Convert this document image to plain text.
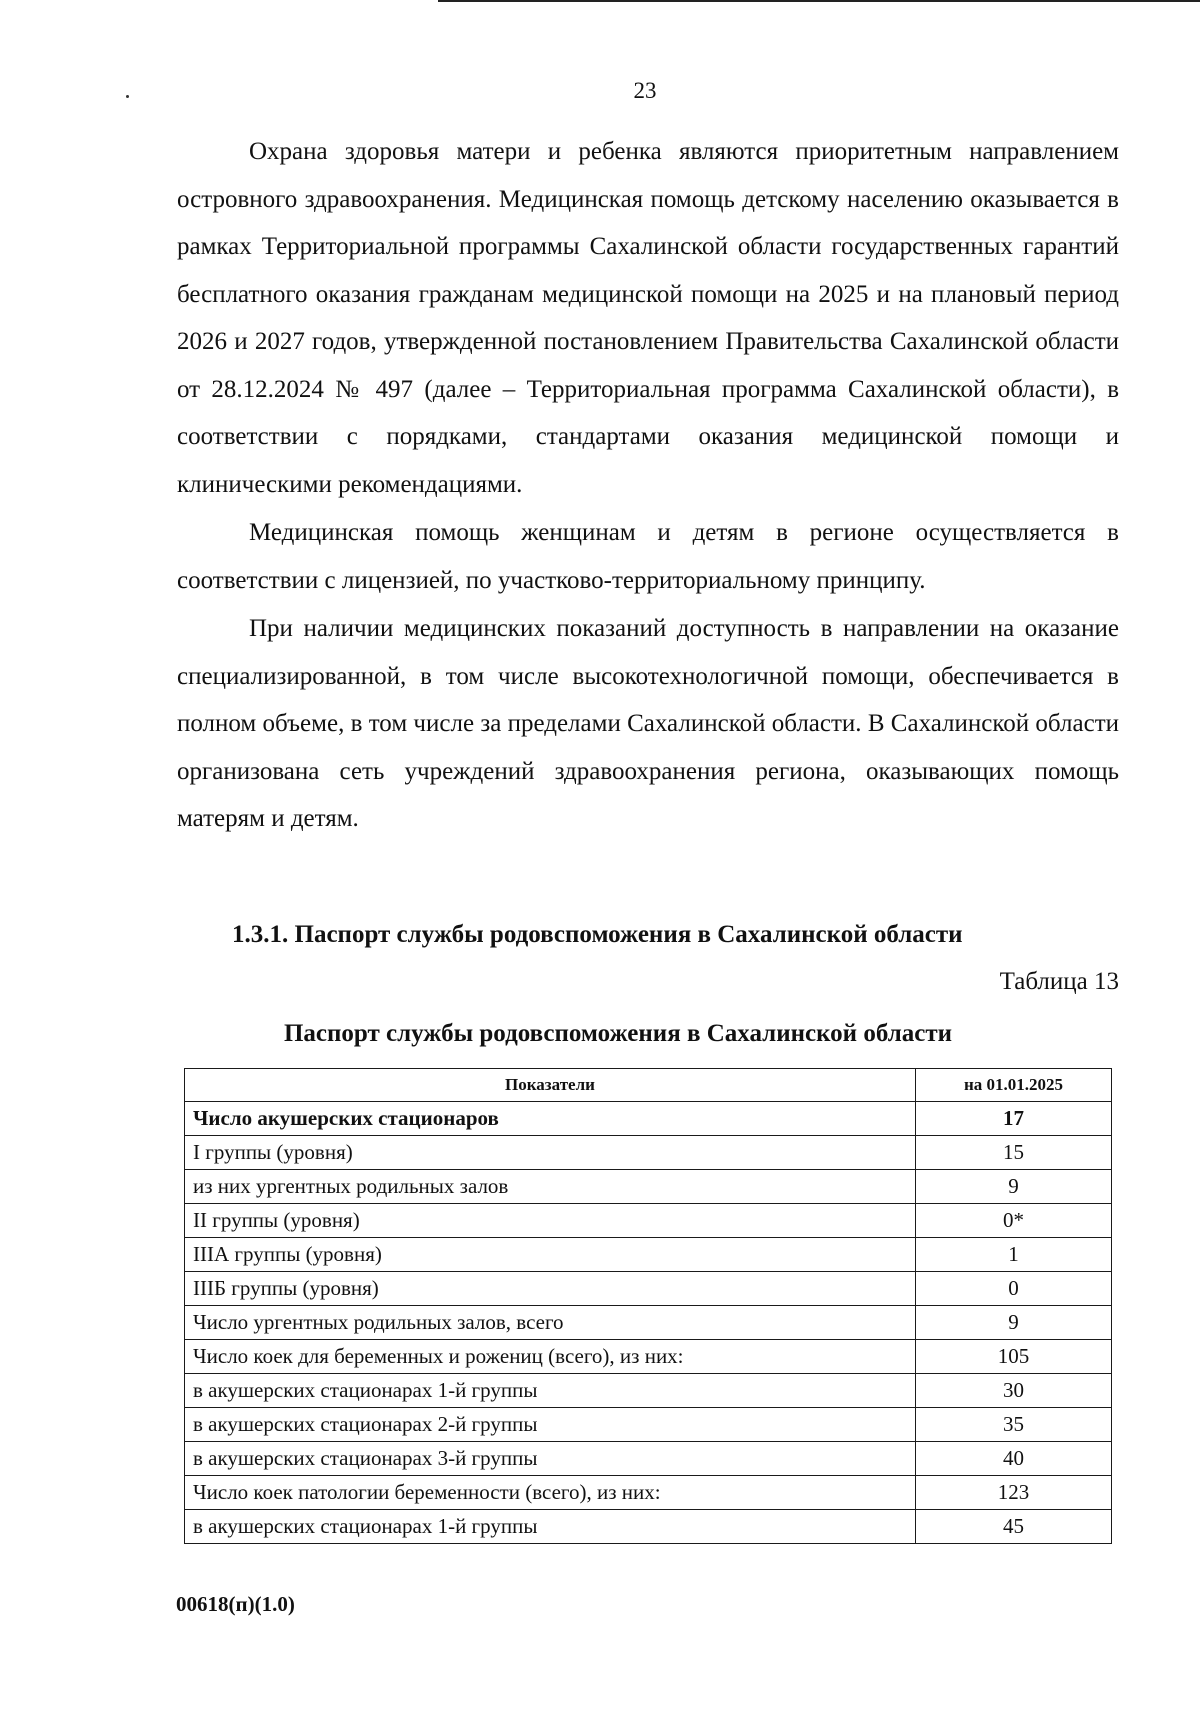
23

Охрана здоровья матери и ребенка являются приоритетным направлением островного здравоохранения. Медицинская помощь детскому населению оказывается в рамках Территориальной программы Сахалинской области государственных гарантий бесплатного оказания гражданам медицинской помощи на 2025 и на плановый период 2026 и 2027 годов, утвержденной постановлением Правительства Сахалинской области от 28.12.2024 № 497 (далее – Территориальная программа Сахалинской области), в соответствии с порядками, стандартами оказания медицинской помощи и клиническими рекомендациями.

Медицинская помощь женщинам и детям в регионе осуществляется в соответствии с лицензией, по участково-территориальному принципу.

При наличии медицинских показаний доступность в направлении на оказание специализированной, в том числе высокотехнологичной помощи, обеспечивается в полном объеме, в том числе за пределами Сахалинской области. В Сахалинской области организована сеть учреждений здравоохранения региона, оказывающих помощь матерям и детям.

1.3.1. Паспорт службы родовспоможения в Сахалинской области
Таблица 13
Паспорт службы родовспоможения в Сахалинской области
Показатели	на 01.01.2025
Число акушерских стационаров	17
I группы (уровня)	15
из них ургентных родильных залов	9
II группы (уровня)	0*
IIIА группы (уровня)	1
IIIБ группы (уровня)	0
Число ургентных родильных залов, всего	9
Число коек для беременных и рожениц (всего), из них:	105
в акушерских стационарах 1-й группы	30
в акушерских стационарах 2-й группы	35
в акушерских стационарах 3-й группы	40
Число коек патологии беременности (всего), из них:	123
в акушерских стационарах 1-й группы	45
00618(п)(1.0)
